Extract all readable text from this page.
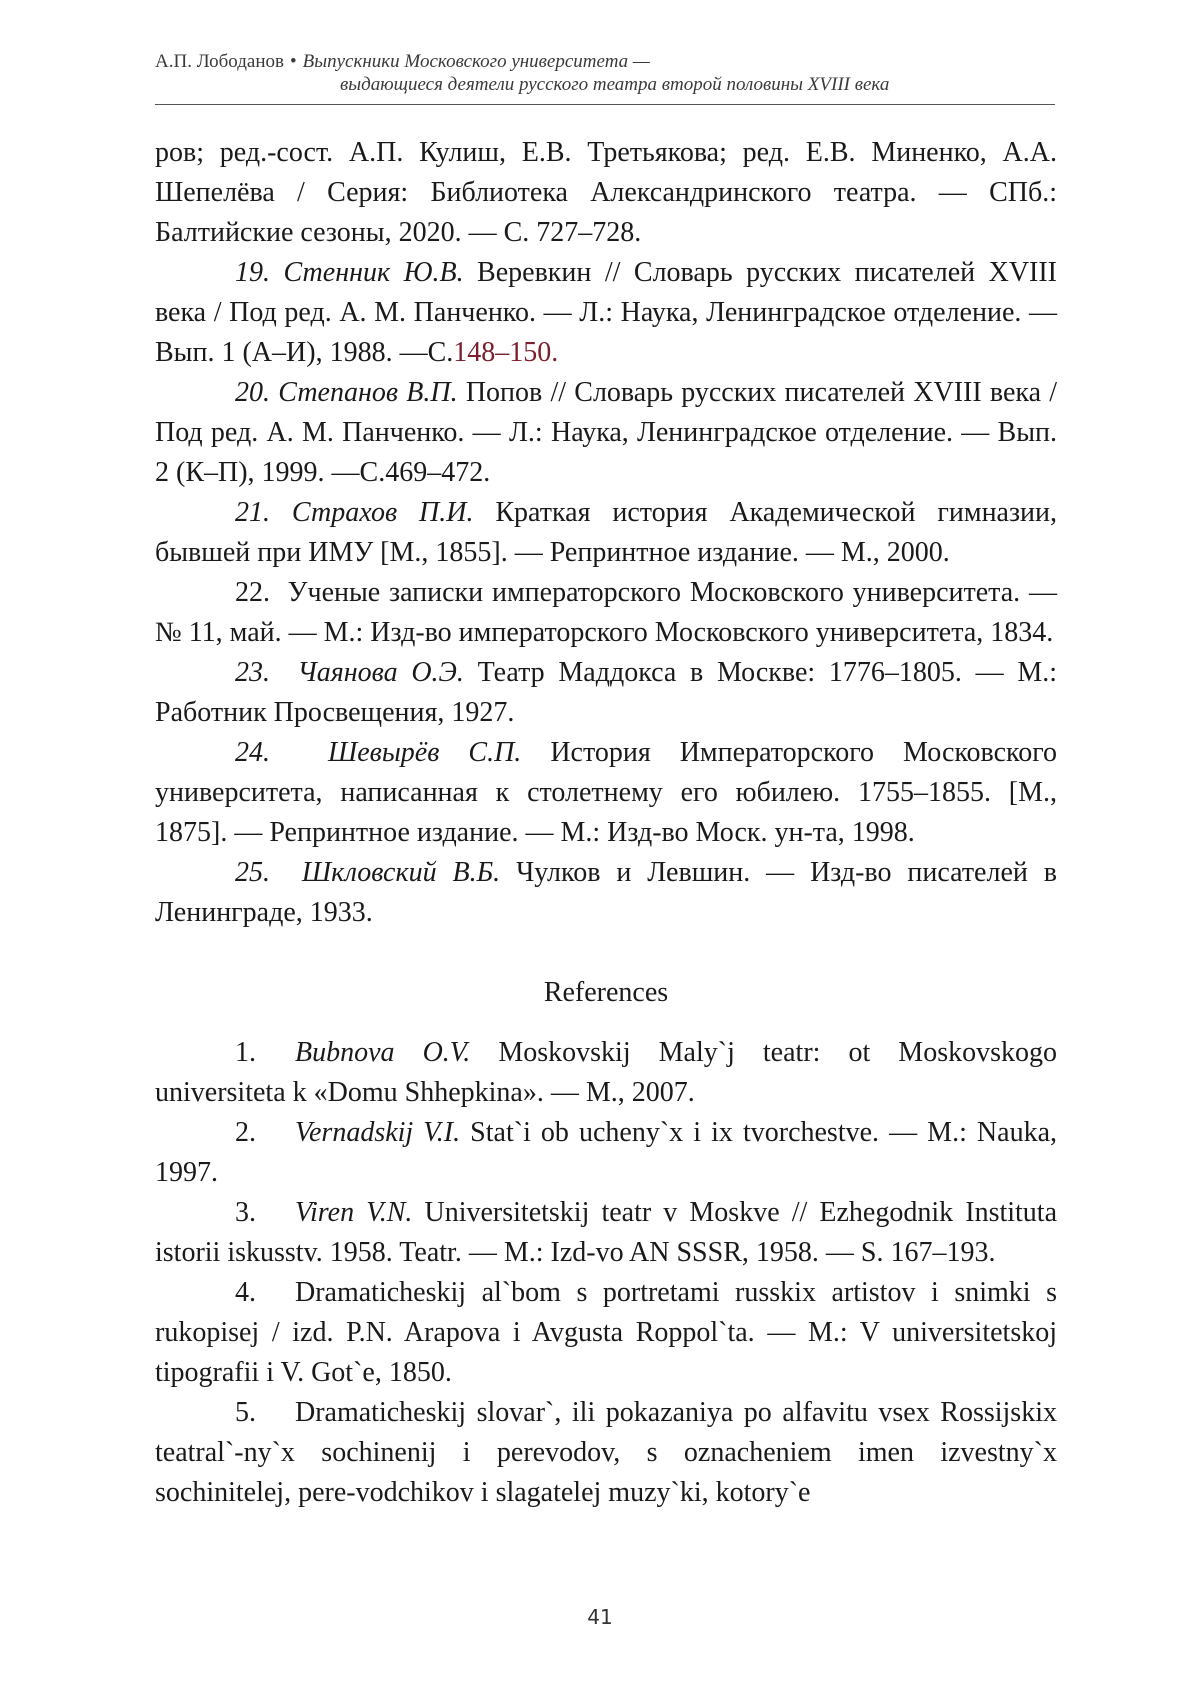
А.П. Лободанов • Выпускники Московского университета —
выдающиеся деятели русского театра второй половины XVIII века

ров; ред.-сост. А.П. Кулиш, Е.В. Третьякова; ред. Е.В. Миненко, А.А. Шепелёва / Серия: Библиотека Александринского театра. — СПб.: Балтийские сезоны, 2020. — С. 727–728.

19. Стенник Ю.В. Веревкин // Словарь русских писателей XVIII века / Под ред. А. М. Панченко. — Л.: Наука, Ленинградское отделение. — Вып. 1 (А–И), 1988. —С.148–150.

20. Степанов В.П. Попов // Словарь русских писателей XVIII века / Под ред. А. М. Панченко. — Л.: Наука, Ленинградское отделение. — Вып. 2 (К–П), 1999. —С.469–472.

21. Страхов П.И. Краткая история Академической гимназии, бывшей при ИМУ [М., 1855]. — Репринтное издание. — М., 2000.

22. Ученые записки императорского Московского университета. — № 11, май. — М.: Изд-во императорского Московского университета, 1834.

23. Чаянова О.Э. Театр Маддокса в Москве: 1776–1805. — М.: Работник Просвещения, 1927.

24. Шевырёв С.П. История Императорского Московского университета, написанная к столетнему его юбилею. 1755–1855. [М., 1875]. — Репринтное издание. — М.: Изд-во Моск. ун-та, 1998.

25. Шкловский В.Б. Чулков и Левшин. — Изд-во писателей в Ленинграде, 1933.

References

1. Bubnova O.V. Moskovskij Maly`j teatr: ot Moskovskogo universiteta k «Domu Shhepkina». — M., 2007.

2. Vernadskij V.I. Stat`i ob ucheny`x i ix tvorchestve. — M.: Nauka, 1997.

3. Viren V.N. Universitetskij teatr v Moskve // Ezhegodnik Instituta istorii iskusstv. 1958. Teatr. — M.: Izd-vo AN SSSR, 1958. — S. 167–193.

4. Dramaticheskij al`bom s portretami russkix artistov i snimki s rukopisej / izd. P.N. Arapova i Avgusta Roppol`ta. — M.: V universitetskoj tipografii i V. Got`e, 1850.

5. Dramaticheskij slovar`, ili pokazaniya po alfavitu vsex Rossijskix teatral`-ny`x sochinenij i perevodov, s oznacheniem imen izvestny`x sochinitelej, pere-vodchikov i slagatelej muzy`ki, kotory`e

41
